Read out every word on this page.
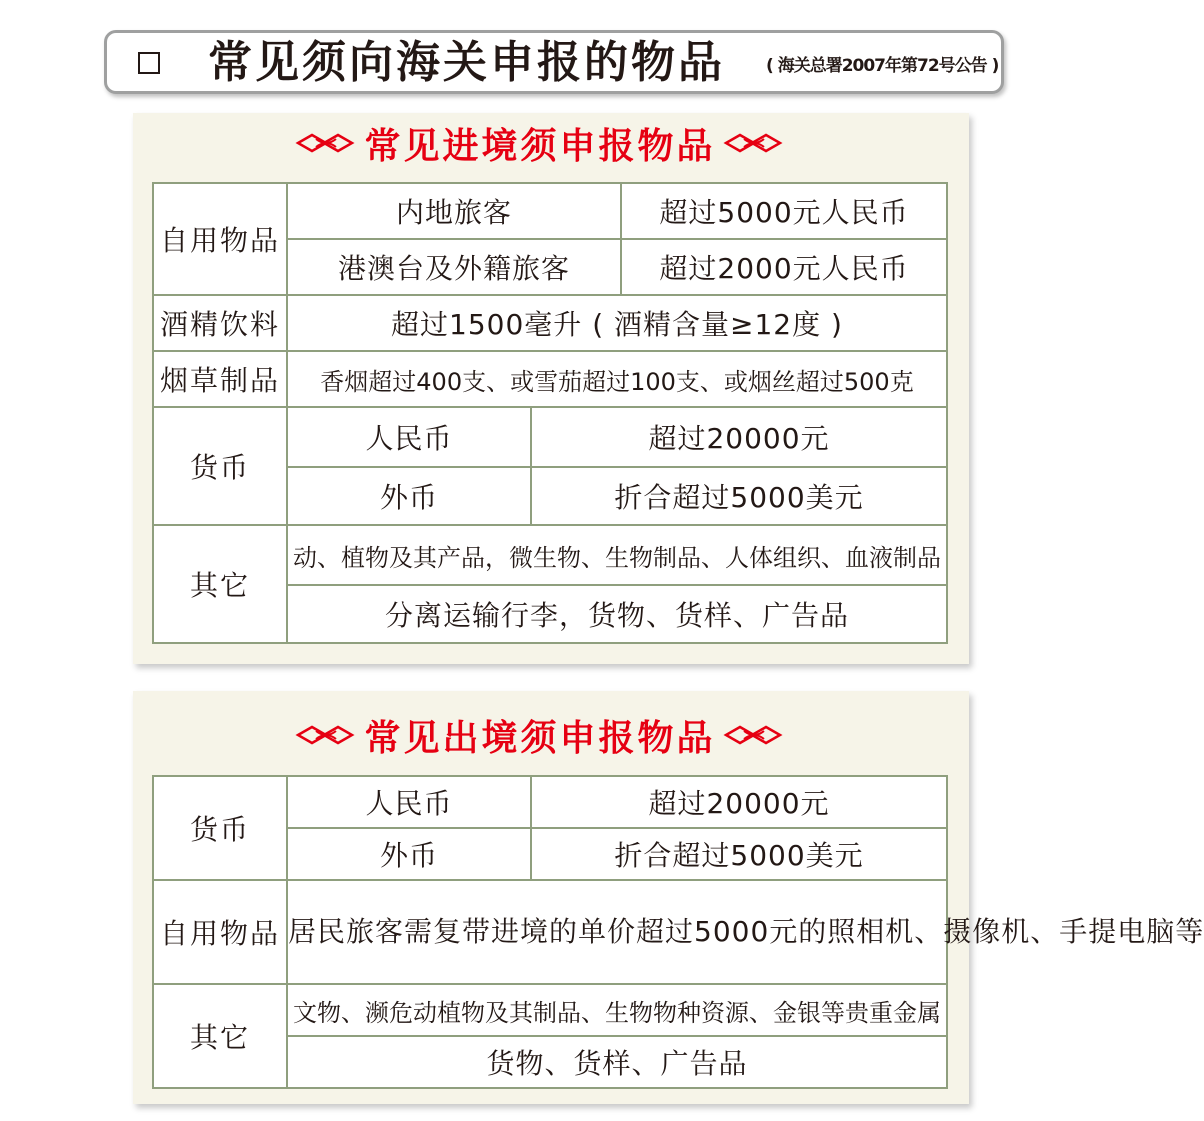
常见须向海关申报的物品 ( 海关总署2007年第72号公告 )
常见进境须申报物品
自用物品	内地旅客		超过5000元人民币
	港澳台及外籍旅客		超过2000元人民币
酒精饮料	超过1500毫升 ( 酒精含量≥12度 )		
烟草制品	香烟超过400支、或雪茄超过100支、或烟丝超过500克		
货币	人民币	超过20000元	
	外币	折合超过5000美元	
其它	动、植物及其产品，微生物、生物制品、人体组织、血液制品		
	分离运输行李，货物、货样、广告品		
常见出境须申报物品
货币	人民币	超过20000元
	外币	折合超过5000美元
自用物品	居民旅客需复带进境的单价超过5000元的照相机、摄像机、手提电脑等	
其它	文物、濒危动植物及其制品、生物物种资源、金银等贵重金属	
	货物、货样、广告品	
